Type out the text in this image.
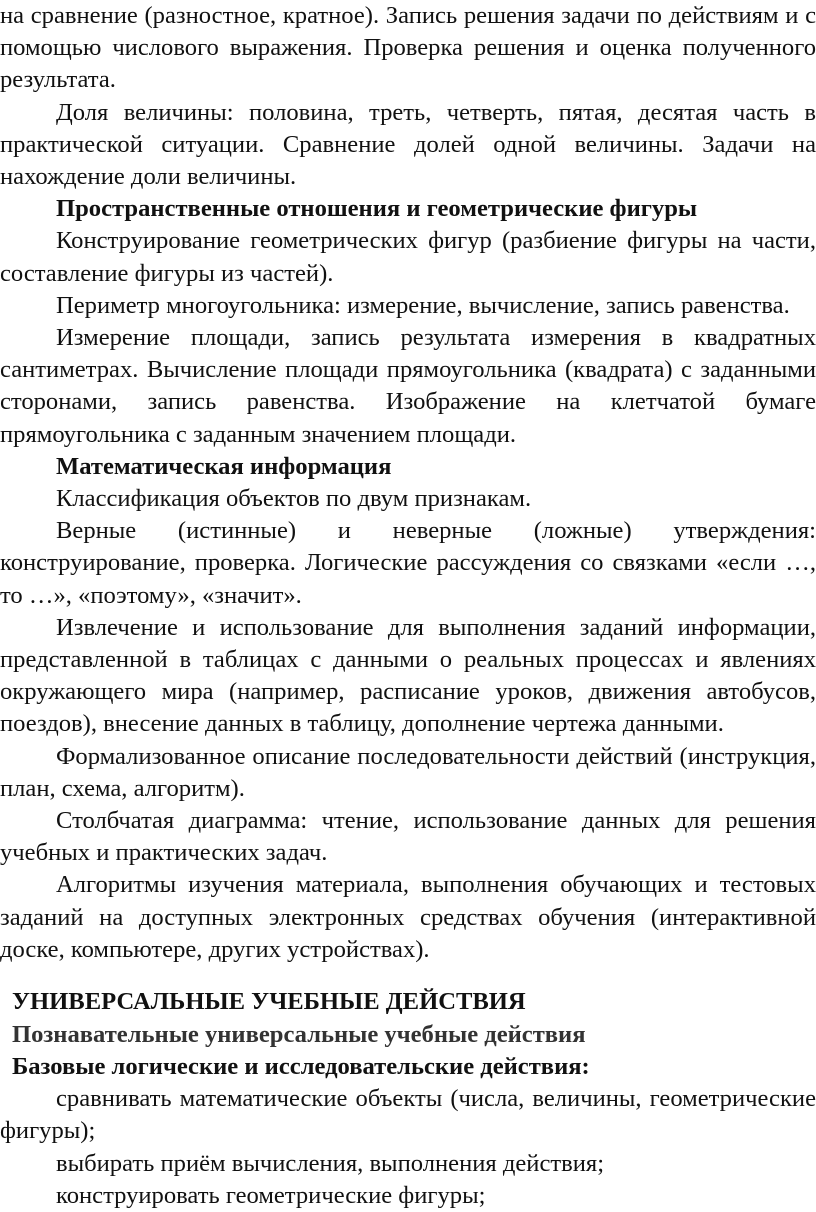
на сравнение (разностное, кратное). Запись решения задачи по действиям и с помощью числового выражения. Проверка решения и оценка полученного результата.

Доля величины: половина, треть, четверть, пятая, десятая часть в практической ситуации. Сравнение долей одной величины. Задачи на нахождение доли величины.

Пространственные отношения и геометрические фигуры

Конструирование геометрических фигур (разбиение фигуры на части, составление фигуры из частей).

Периметр многоугольника: измерение, вычисление, запись равенства.

Измерение площади, запись результата измерения в квадратных сантиметрах. Вычисление площади прямоугольника (квадрата) с заданными сторонами, запись равенства. Изображение на клетчатой бумаге прямоугольника с заданным значением площади.

Математическая информация

Классификация объектов по двум признакам.

Верные (истинные) и неверные (ложные) утверждения: конструирование, проверка. Логические рассуждения со связками «если …, то …», «поэтому», «значит».

Извлечение и использование для выполнения заданий информации, представленной в таблицах с данными о реальных процессах и явлениях окружающего мира (например, расписание уроков, движения автобусов, поездов), внесение данных в таблицу, дополнение чертежа данными.

Формализованное описание последовательности действий (инструкция, план, схема, алгоритм).

Столбчатая диаграмма: чтение, использование данных для решения учебных и практических задач.

Алгоритмы изучения материала, выполнения обучающих и тестовых заданий на доступных электронных средствах обучения (интерактивной доске, компьютере, других устройствах).

УНИВЕРСАЛЬНЫЕ УЧЕБНЫЕ ДЕЙСТВИЯ

Познавательные универсальные учебные действия

Базовые логические и исследовательские действия:

сравнивать математические объекты (числа, величины, геометрические фигуры);

выбирать приём вычисления, выполнения действия;

конструировать геометрические фигуры;
